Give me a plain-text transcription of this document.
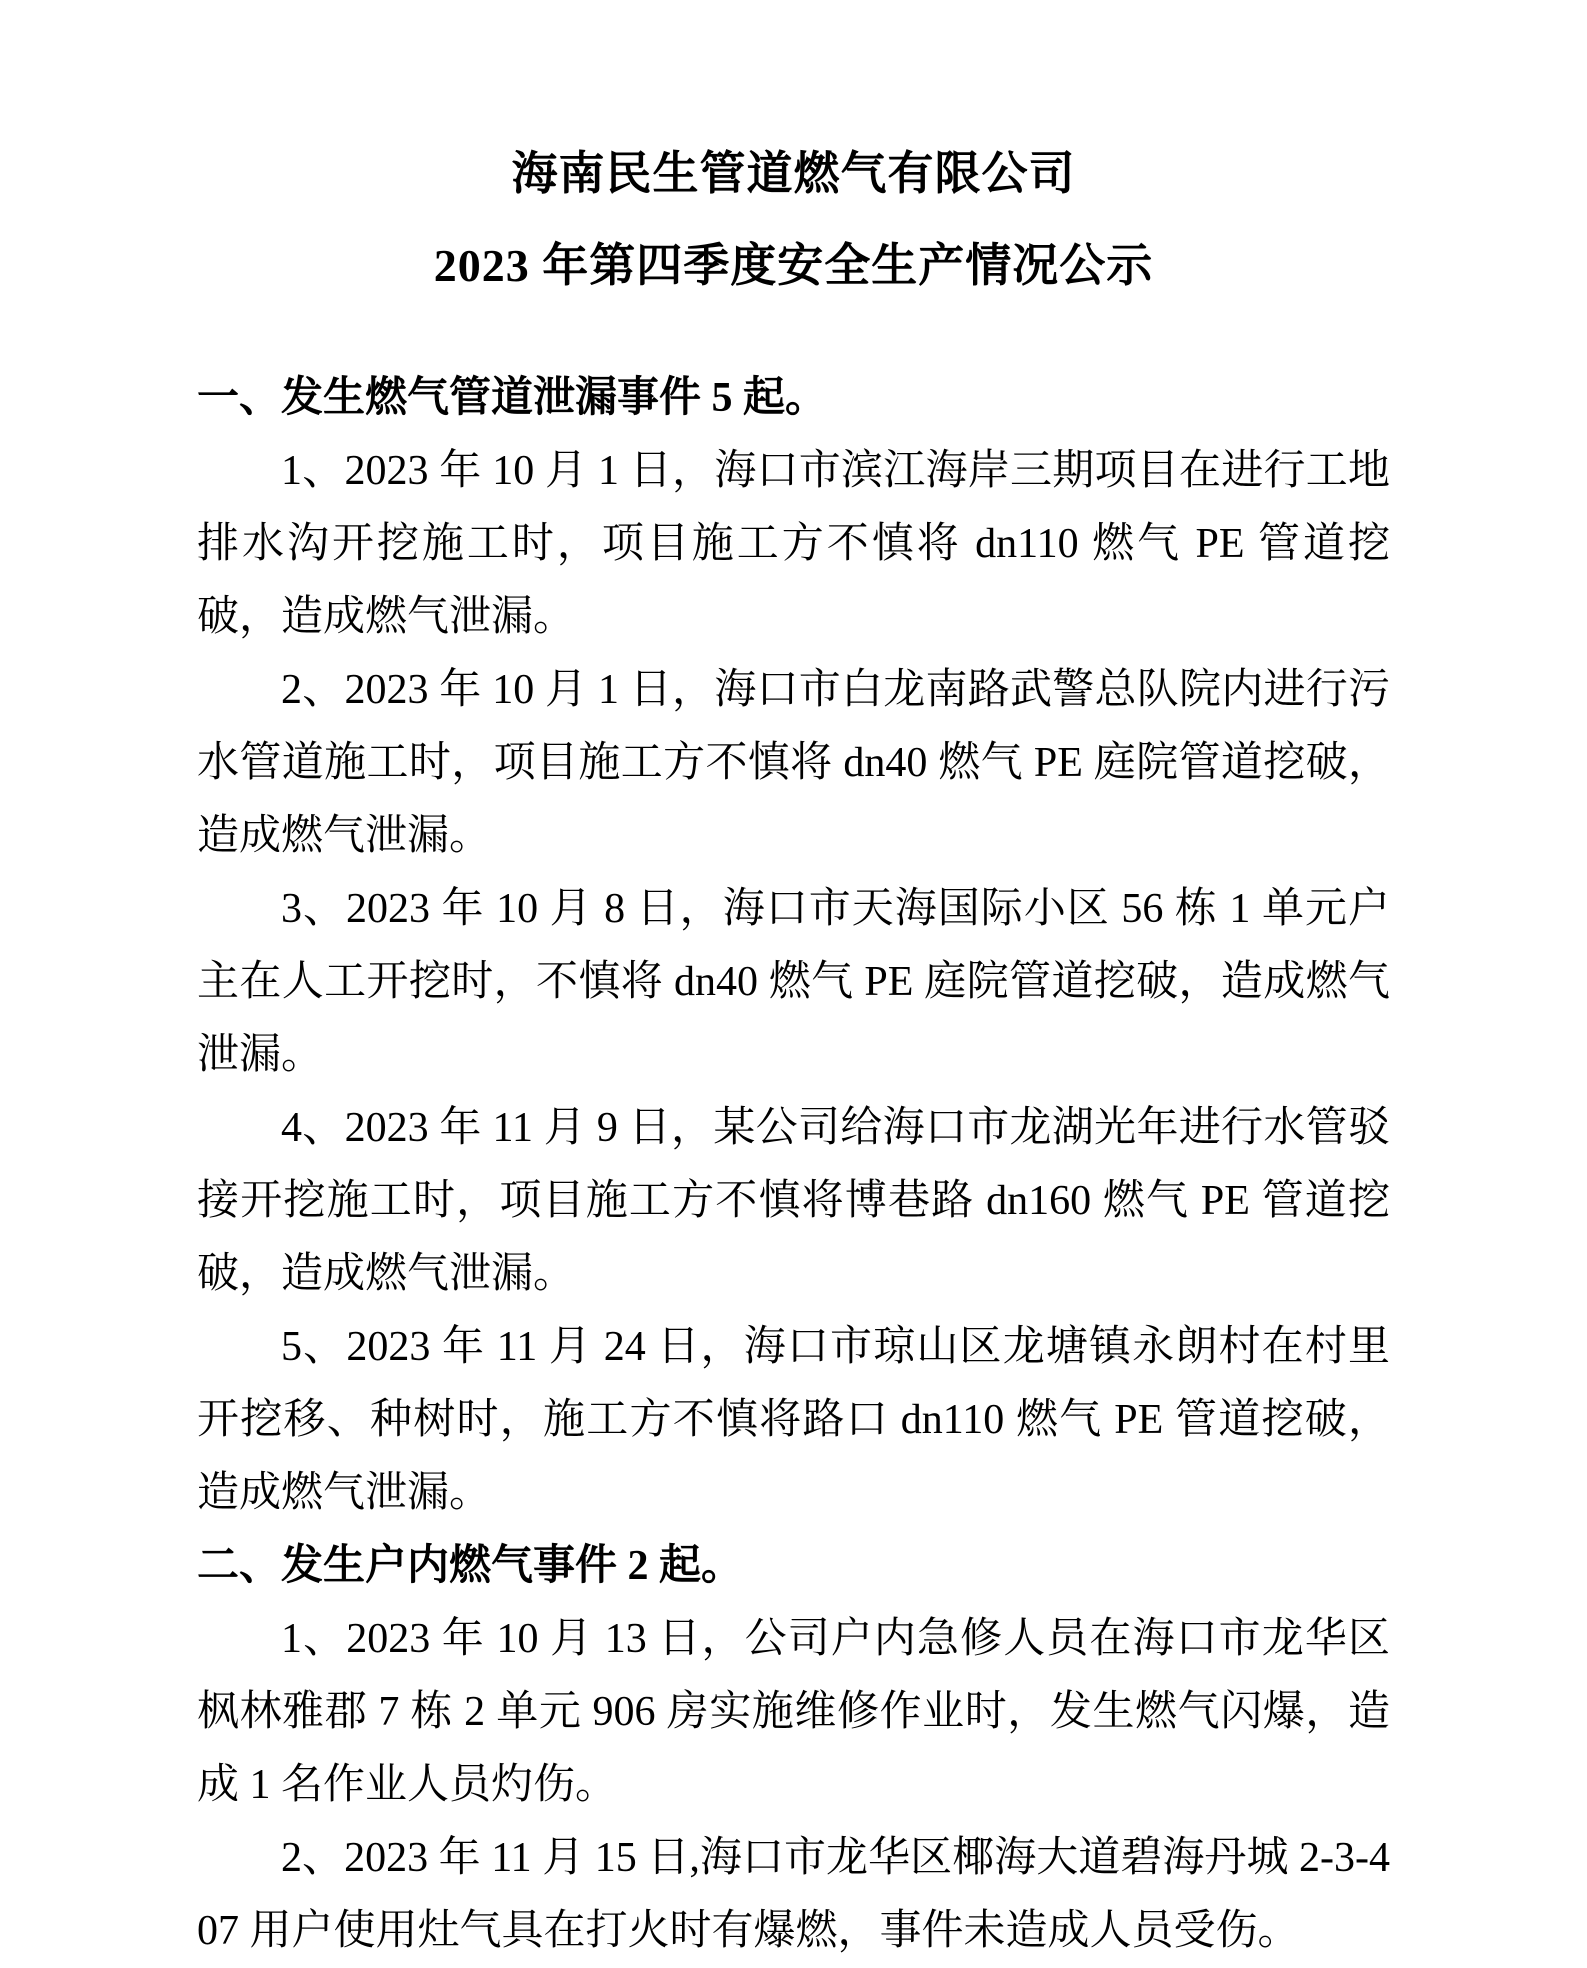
海南民生管道燃气有限公司
2023 年第四季度安全生产情况公示

一、发生燃气管道泄漏事件 5 起。

1、2023 年 10 月 1 日，海口市滨江海岸三期项目在进行工地排水沟开挖施工时，项目施工方不慎将 dn110 燃气 PE 管道挖破，造成燃气泄漏。

2、2023 年 10 月 1 日，海口市白龙南路武警总队院内进行污水管道施工时，项目施工方不慎将 dn40 燃气 PE 庭院管道挖破，造成燃气泄漏。

3、2023 年 10 月 8 日，海口市天海国际小区 56 栋 1 单元户主在人工开挖时，不慎将 dn40 燃气 PE 庭院管道挖破，造成燃气泄漏。

4、2023 年 11 月 9 日，某公司给海口市龙湖光年进行水管驳接开挖施工时，项目施工方不慎将博巷路 dn160 燃气 PE 管道挖破，造成燃气泄漏。

5、2023 年 11 月 24 日，海口市琼山区龙塘镇永朗村在村里开挖移、种树时，施工方不慎将路口 dn110 燃气 PE 管道挖破，造成燃气泄漏。

二、发生户内燃气事件 2 起。

1、2023 年 10 月 13 日，公司户内急修人员在海口市龙华区枫林雅郡 7 栋 2 单元 906 房实施维修作业时，发生燃气闪爆，造成 1 名作业人员灼伤。

2、2023 年 11 月 15 日,海口市龙华区椰海大道碧海丹城 2-3-407 用户使用灶气具在打火时有爆燃，事件未造成人员受伤。
